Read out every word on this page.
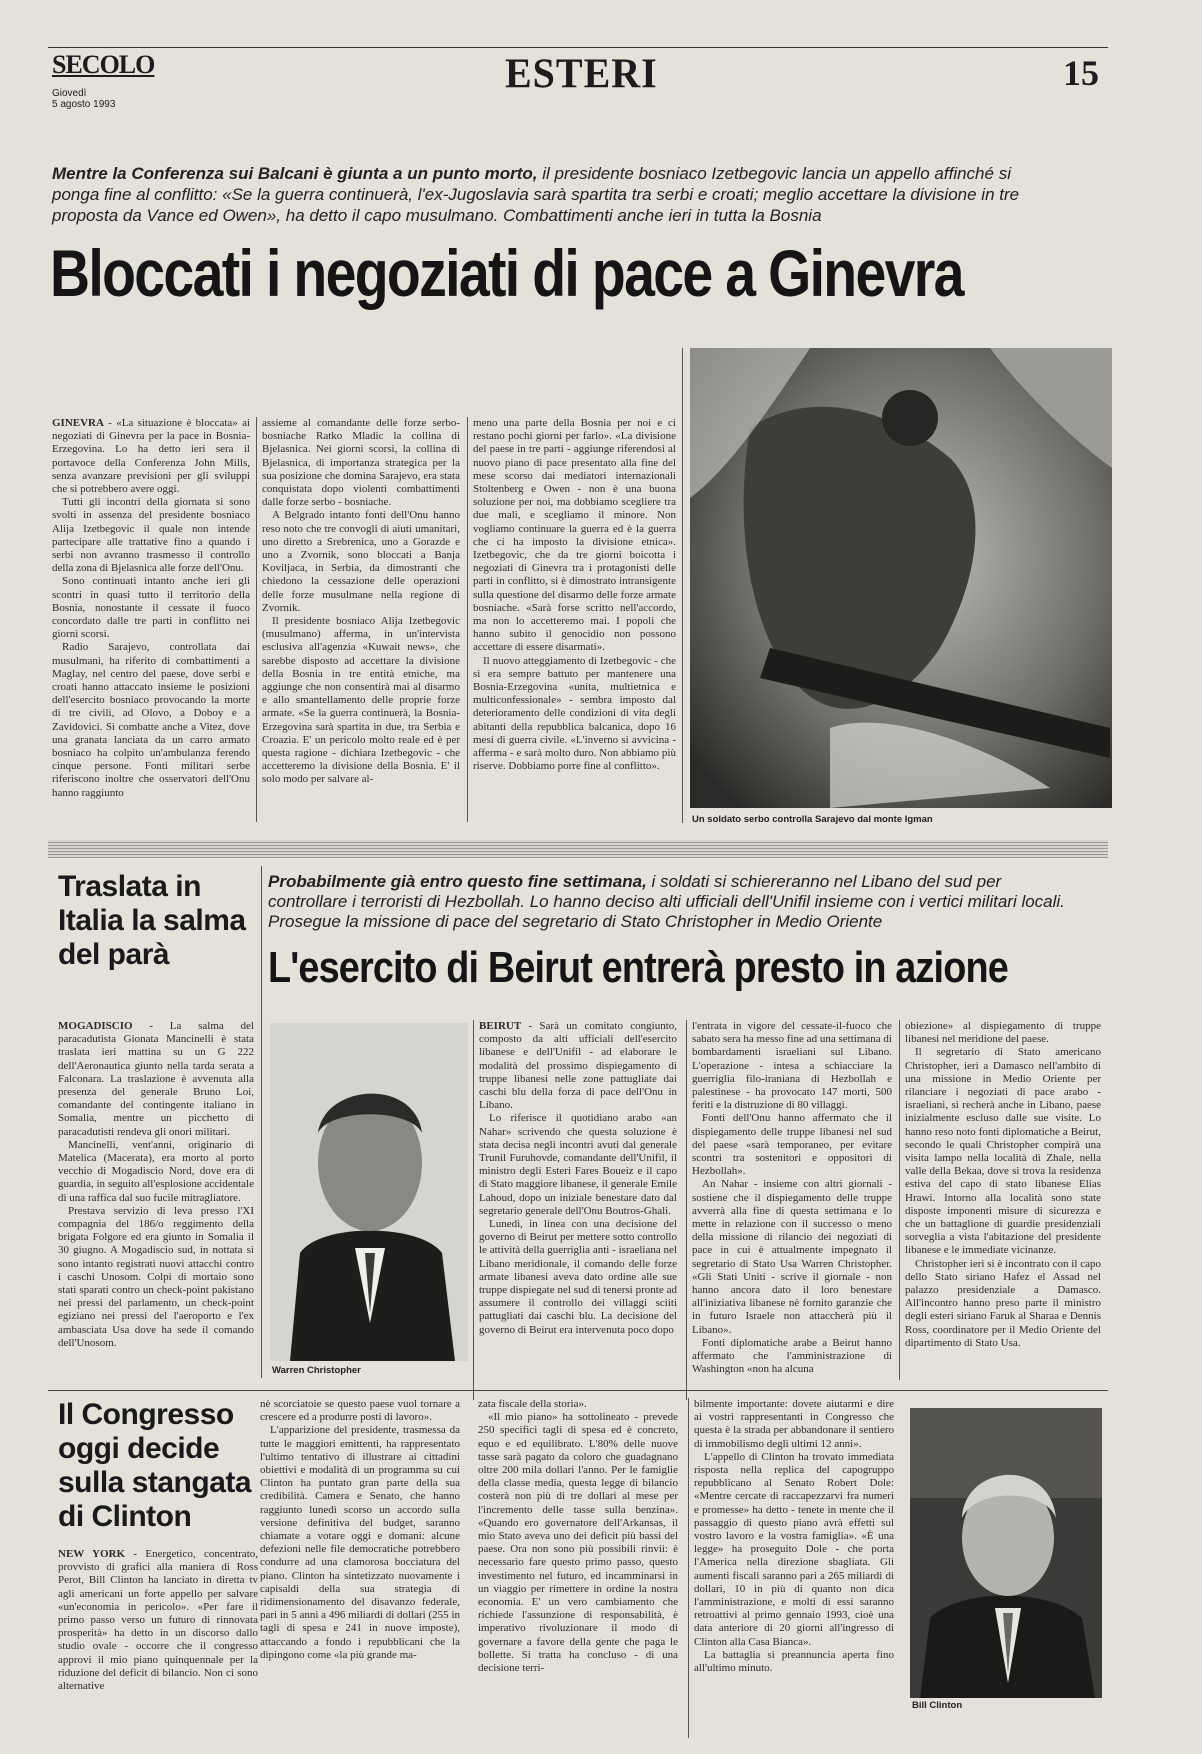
SECOLO
Giovedì
5 agosto 1993
ESTERI	15
Mentre la Conferenza sui Balcani è giunta a un punto morto, il presidente bosniaco Izetbegovic lancia un appello affinché si ponga fine al conflitto: «Se la guerra continuerà, l'ex-Jugoslavia sarà spartita tra serbi e croati; meglio accettare la divisione in tre proposta da Vance ed Owen», ha detto il capo musulmano. Combattimenti anche ieri in tutta la Bosnia
Bloccati i negoziati di pace a Ginevra

GINEVRA - «La situazione è bloccata» ai negoziati di Ginevra per la pace in Bosnia-Erzegovina. Lo ha detto ieri sera il portavoce della Conferenza John Mills, senza avanzare previsioni per gli sviluppi che si potrebbero avere oggi.

Tutti gli incontri della giornata si sono svolti in assenza del presidente bosniaco Alija Izetbegovic il quale non intende partecipare alle trattative fino a quando i serbi non avranno trasmesso il controllo della zona di Bjelasnica alle forze dell'Onu.

Sono continuati intanto anche ieri gli scontri in quasi tutto il territorio della Bosnia, nonostante il cessate il fuoco concordato dalle tre parti in conflitto nei giorni scorsi.

Radio Sarajevo, controllata dai musulmani, ha riferito di combattimenti a Maglay, nel centro del paese, dove serbi e croati hanno attaccato insieme le posizioni dell'esercito bosniaco provocando la morte di tre civili, ad Olovo, a Doboy e a Zavidovici. Si combatte anche a Vitez, dove una granata lanciata da un carro armato bosniaco ha colpito un'ambulanza ferendo cinque persone. Fonti militari serbe riferiscono inoltre che osservatori dell'Onu hanno raggiunto

assieme al comandante delle forze serbo-bosniache Ratko Mladic la collina di Bjelasnica. Nei giorni scorsi, la collina di Bjelasnica, di importanza strategica per la sua posizione che domina Sarajevo, era stata conquistata dopo violenti combattimenti dalle forze serbo - bosniache.

A Belgrado intanto fonti dell'Onu hanno reso noto che tre convogli di aiuti umanitari, uno diretto a Srebrenica, uno a Gorazde e uno a Zvornik, sono bloccati a Banja Koviljaca, in Serbia, da dimostranti che chiedono la cessazione delle operazioni delle forze musulmane nella regione di Zvornik.

Il presidente bosniaco Alija Izetbegovic (musulmano) afferma, in un'intervista esclusiva all'agenzia «Kuwait news», che sarebbe disposto ad accettare la divisione della Bosnia in tre entità etniche, ma aggiunge che non consentirà mai al disarmo e allo smantellamento delle proprie forze armate. «Se la guerra continuerà, la Bosnia-Erzegovina sarà spartita in due, tra Serbia e Croazia. E' un pericolo molto reale ed è per questa ragione - dichiara Izetbegovic - che accetteremo la divisione della Bosnia. E' il solo modo per salvare al-

meno una parte della Bosnia per noi e ci restano pochi giorni per farlo». «La divisione del paese in tre parti - aggiunge riferendosi al nuovo piano di pace presentato alla fine del mese scorso dai mediatori internazionali Stoltenberg e Owen - non è una buona soluzione per noi, ma dobbiamo scegliere tra due mali, e scegliamo il minore. Non vogliamo continuare la guerra ed è la guerra che ci ha imposto la divisione etnica». Izetbegovic, che da tre giorni boicotta i negoziati di Ginevra tra i protagonisti delle parti in conflitto, si è dimostrato intransigente sulla questione del disarmo delle forze armate bosniache. «Sarà forse scritto nell'accordo, ma non lo accetteremo mai. I popoli che hanno subito il genocidio non possono accettare di essere disarmati».

Il nuovo atteggiamento di Izetbegovic - che si era sempre battuto per mantenere una Bosnia-Erzegovina «unita, multietnica e multiconfessionale» - sembra imposto dal deterioramento delle condizioni di vita degli abitanti della repubblica balcanica, dopo 16 mesi di guerra civile. «L'inverno si avvicina - afferma - e sarà molto duro. Non abbiamo più riserve. Dobbiamo porre fine al conflitto».

Un soldato serbo controlla Sarajevo dal monte Igman
Traslata in Italia la salma del parà

MOGADISCIO - La salma del paracadutista Gionata Mancinelli è stata traslata ieri mattina su un G 222 dell'Aeronautica giunto nella tarda serata a Falconara. La traslazione è avvenuta alla presenza del generale Bruno Loi, comandante del contingente italiano in Somalia, mentre un picchetto di paracadutisti rendeva gli onori militari.

Mancinelli, vent'anni, originario di Matelica (Macerata), era morto al porto vecchio di Mogadiscio Nord, dove era di guardia, in seguito all'esplosione accidentale di una raffica dal suo fucile mitragliatore.

Prestava servizio di leva presso l'XI compagnia del 186/o reggimento della brigata Folgore ed era giunto in Somalia il 30 giugno. A Mogadiscio sud, in nottata si sono intanto registrati nuovi attacchi contro i caschi Unosom. Colpi di mortaio sono stati sparati contro un check-point pakistano nei pressi del parlamento, un check-point egiziano nei pressi del l'aeroporto e l'ex ambasciata Usa dove ha sede il comando dell'Unosom.

Probabilmente già entro questo fine settimana, i soldati si schiereranno nel Libano del sud per controllare i terroristi di Hezbollah. Lo hanno deciso alti ufficiali dell'Unifil insieme con i vertici militari locali. Prosegue la missione di pace del segretario di Stato Christopher in Medio Oriente
L'esercito di Beirut entrerà presto in azione
Warren Christopher

BEIRUT - Sarà un comitato congiunto, composto da alti ufficiali dell'esercito libanese e dell'Unifil - ad elaborare le modalità del prossimo dispiegamento di truppe libanesi nelle zone pattugliate dai caschi blu della forza di pace dell'Onu in Libano.

Lo riferisce il quotidiano arabo «an Nahar» scrivendo che questa soluzione è stata decisa negli incontri avuti dal generale Trunil Furuhovde, comandante dell'Unifil, il ministro degli Esteri Fares Boueiz e il capo di Stato maggiore libanese, il generale Emile Lahoud, dopo un iniziale benestare dato dal segretario generale dell'Onu Boutros-Ghali.

Lunedì, in linea con una decisione del governo di Beirut per mettere sotto controllo le attività della guerriglia anti - israeliana nel Libano meridionale, il comando delle forze armate libanesi aveva dato ordine alle sue truppe dispiegate nel sud di tenersi pronte ad assumere il controllo dei villaggi sciiti pattugliati dai caschi blu. La decisione del governo di Beirut era intervenuta poco dopo

l'entrata in vigore del cessate-il-fuoco che sabato sera ha messo fine ad una settimana di bombardamenti israeliani sul Libano. L'operazione - intesa a schiacciare la guerriglia filo-iraniana di Hezbollah e palestinese - ha provocato 147 morti, 500 feriti e la distruzione di 80 villaggi.

Fonti dell'Onu hanno affermato che il dispiegamento delle truppe libanesi nel sud del paese «sarà temporaneo, per evitare scontri tra sostenitori e oppositori di Hezbollah».

An Nahar - insieme con altri giornali - sostiene che il dispiegamento delle truppe avverrà alla fine di questa settimana e lo mette in relazione con il successo o meno della missione di rilancio dei negoziati di pace in cui è attualmente impegnato il segretario di Stato Usa Warren Christopher. «Gli Stati Uniti - scrive il giornale - non hanno ancora dato il loro benestare all'iniziativa libanese nè fornito garanzie che in futuro Israele non attaccherà più il Libano».

Fonti diplomatiche arabe a Beirut hanno affermato che l'amministrazione di Washington «non ha alcuna

obiezione» al dispiegamento di truppe libanesi nel meridione del paese.

Il segretario di Stato americano Christopher, ieri a Damasco nell'ambito di una missione in Medio Oriente per rilanciare i negoziati di pace arabo - israeliani, si recherà anche in Libano, paese inizialmente escluso dalle sue visite. Lo hanno reso noto fonti diplomatiche a Beirut, secondo le quali Christopher compirà una visita lampo nella località di Zhale, nella valle della Bekaa, dove si trova la residenza estiva del capo di stato libanese Elias Hrawi. Intorno alla località sono state disposte imponenti misure di sicurezza e che un battaglione di guardie presidenziali sorveglia a vista l'abitazione del presidente libanese e le immediate vicinanze.

Christopher ieri si è incontrato con il capo dello Stato siriano Hafez el Assad nel palazzo presidenziale a Damasco. All'incontro hanno preso parte il ministro degli esteri siriano Faruk al Sharaa e Dennis Ross, coordinatore per il Medio Oriente del dipartimento di Stato Usa.

Il Congresso oggi decide sulla stangata di Clinton

NEW YORK - Energetico, concentrato, provvisto di grafici alla maniera di Ross Perot, Bill Clinton ha lanciato in diretta tv agli americani un forte appello per salvare «un'economia in pericolo». «Per fare il primo passo verso un futuro di rinnovata prosperità» ha detto in un discorso dallo studio ovale - occorre che il congresso approvi il mio piano quinquennale per la riduzione del deficit di bilancio. Non ci sono alternative

nè scorciatoie se questo paese vuol tornare a crescere ed a produrre posti di lavoro».

L'apparizione del presidente, trasmessa da tutte le maggiori emittenti, ha rappresentato l'ultimo tentativo di illustrare ai cittadini obiettivi e modalità di un programma su cui Clinton ha puntato gran parte della sua credibilità. Camera e Senato, che hanno raggiunto lunedì scorso un accordo sulla versione definitiva del budget, saranno chiamate a votare oggi e domani: alcune defezioni nelle file democratiche potrebbero condurre ad una clamorosa bocciatura del piano. Clinton ha sintetizzato nuovamente i capisaldi della sua strategia di ridimensionamento del disavanzo federale, pari in 5 anni a 496 miliardi di dollari (255 in tagli di spesa e 241 in nuove imposte), attaccando a fondo i repubblicani che la dipingono come «la più grande ma-

zata fiscale della storia».

«Il mio piano» ha sottolineato - prevede 250 specifici tagli di spesa ed è concreto, equo e ed equilibrato. L'80% delle nuove tasse sarà pagato da coloro che guadagnano oltre 200 mila dollari l'anno. Per le famiglie della classe media, questa legge di bilancio costerà non più di tre dollari al mese per l'incremento delle tasse sulla benzina». «Quando ero governatore dell'Arkansas, il mio Stato aveva uno dei deficit più bassi del paese. Ora non sono più possibili rinvii: è necessario fare questo primo passo, questo investimento nel futuro, ed incamminarsi in un viaggio per rimettere in ordine la nostra economia. E' un vero cambiamento che richiede l'assunzione di responsabilità, è imperativo rivoluzionare il modo di governare a favore della gente che paga le bollette. Si tratta ha concluso - di una decisione terri-

bilmente importante: dovete aiutarmi e dire ai vostri rappresentanti in Congresso che questa è la strada per abbandonare il sentiero di immobilismo degli ultimi 12 anni».

L'appello di Clinton ha trovato immediata risposta nella replica del capogruppo repubblicano al Senato Robert Dole: «Mentre cercate di raccapezzarvi fra numeri e promesse» ha detto - tenete in mente che il passaggio di questo piano avrà effetti sul vostro lavoro e la vostra famiglia». «È una legge» ha proseguito Dole - che porta l'America nella direzione sbagliata. Gli aumenti fiscali saranno pari a 265 miliardi di dollari, 10 in più di quanto non dica l'amministrazione, e molti di essi saranno retroattivi al primo gennaio 1993, cioè una data anteriore di 20 giorni all'ingresso di Clinton alla Casa Bianca».

La battaglia si preannuncia aperta fino all'ultimo minuto.

Bill Clinton
